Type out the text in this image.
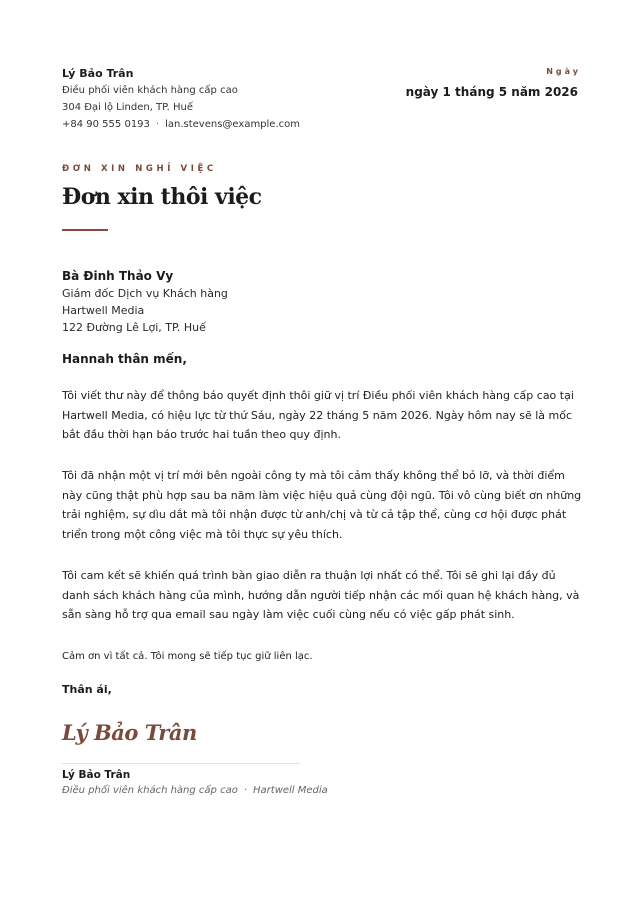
Lý Bảo Trân
Điều phối viên khách hàng cấp cao
304 Đại lộ Linden, TP. Huế
+84 90 555 0193 · lan.stevens@example.com
Ngày
ngày 1 tháng 5 năm 2026
ĐƠN XIN NGHỈ VIỆC
Đơn xin thôi việc
Bà Đinh Thảo Vy
Giám đốc Dịch vụ Khách hàng
Hartwell Media
122 Đường Lê Lợi, TP. Huế
Hannah thân mến,

Tôi viết thư này để thông báo quyết định thôi giữ vị trí Điều phối viên khách hàng cấp cao tại Hartwell Media, có hiệu lực từ thứ Sáu, ngày 22 tháng 5 năm 2026. Ngày hôm nay sẽ là mốc bắt đầu thời hạn báo trước hai tuần theo quy định.

Tôi đã nhận một vị trí mới bên ngoài công ty mà tôi cảm thấy không thể bỏ lỡ, và thời điểm này cũng thật phù hợp sau ba năm làm việc hiệu quả cùng đội ngũ. Tôi vô cùng biết ơn những trải nghiệm, sự dìu dắt mà tôi nhận được từ anh/chị và từ cả tập thể, cùng cơ hội được phát triển trong một công việc mà tôi thực sự yêu thích.

Tôi cam kết sẽ khiến quá trình bàn giao diễn ra thuận lợi nhất có thể. Tôi sẽ ghi lại đầy đủ danh sách khách hàng của mình, hướng dẫn người tiếp nhận các mối quan hệ khách hàng, và sẵn sàng hỗ trợ qua email sau ngày làm việc cuối cùng nếu có việc gấp phát sinh.

Cảm ơn vì tất cả. Tôi mong sẽ tiếp tục giữ liên lạc.

Thân ái,
Lý Bảo Trân
Lý Bảo Trân
Điều phối viên khách hàng cấp cao · Hartwell Media
